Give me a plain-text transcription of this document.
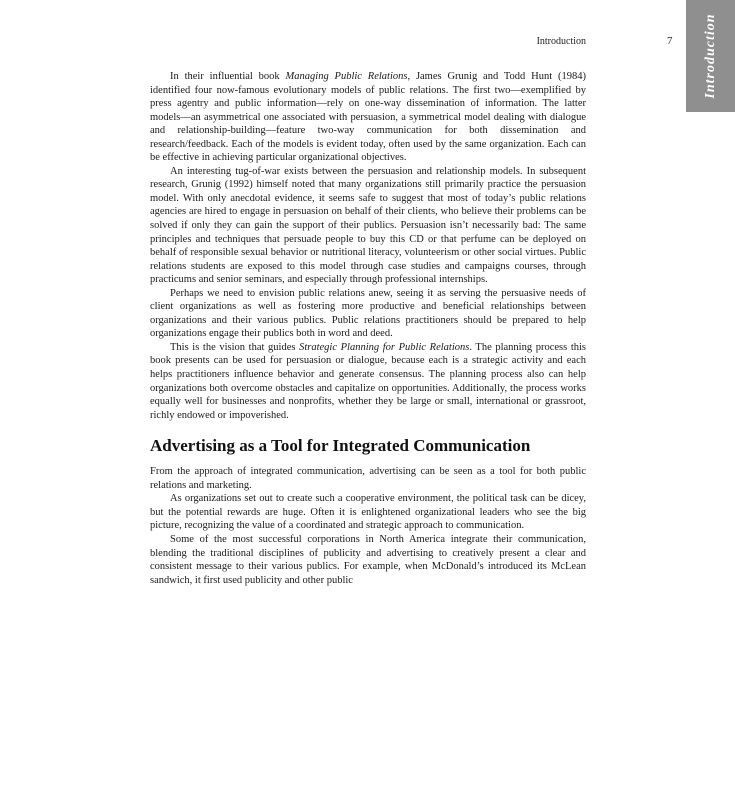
Introduction	7 Introduction

In their influential book Managing Public Relations, James Grunig and Todd Hunt (1984) identified four now-famous evolutionary models of public relations. The first two—exemplified by press agentry and public information—rely on one-way dissemination of information. The latter models—an asymmetrical one associated with persuasion, a symmetrical model dealing with dialogue and relationship-building—feature two-way communication for both dissemination and research/feedback. Each of the models is evident today, often used by the same organization. Each can be effective in achieving particular organizational objectives.

An interesting tug-of-war exists between the persuasion and relationship models. In subsequent research, Grunig (1992) himself noted that many organizations still primarily practice the persuasion model. With only anecdotal evidence, it seems safe to suggest that most of today’s public relations agencies are hired to engage in persuasion on behalf of their clients, who believe their problems can be solved if only they can gain the support of their publics. Persuasion isn’t necessarily bad: The same principles and techniques that persuade people to buy this CD or that perfume can be deployed on behalf of responsible sexual behavior or nutritional literacy, volunteerism or other social virtues. Public relations students are exposed to this model through case studies and campaigns courses, through practicums and senior seminars, and especially through professional internships.

Perhaps we need to envision public relations anew, seeing it as serving the persuasive needs of client organizations as well as fostering more productive and beneficial relationships between organizations and their various publics. Public relations practitioners should be prepared to help organizations engage their publics both in word and deed.

This is the vision that guides Strategic Planning for Public Relations. The planning process this book presents can be used for persuasion or dialogue, because each is a strategic activity and each helps practitioners influence behavior and generate consensus. The planning process also can help organizations both overcome obstacles and capitalize on opportunities. Additionally, the process works equally well for businesses and nonprofits, whether they be large or small, international or grassroot, richly endowed or impoverished.

Advertising as a Tool for Integrated Communication

From the approach of integrated communication, advertising can be seen as a tool for both public relations and marketing.

As organizations set out to create such a cooperative environment, the political task can be dicey, but the potential rewards are huge. Often it is enlightened organizational leaders who see the big picture, recognizing the value of a coordinated and strategic approach to communication.

Some of the most successful corporations in North America integrate their communication, blending the traditional disciplines of publicity and advertising to creatively present a clear and consistent message to their various publics. For example, when McDonald’s introduced its McLean sandwich, it first used publicity and other public
